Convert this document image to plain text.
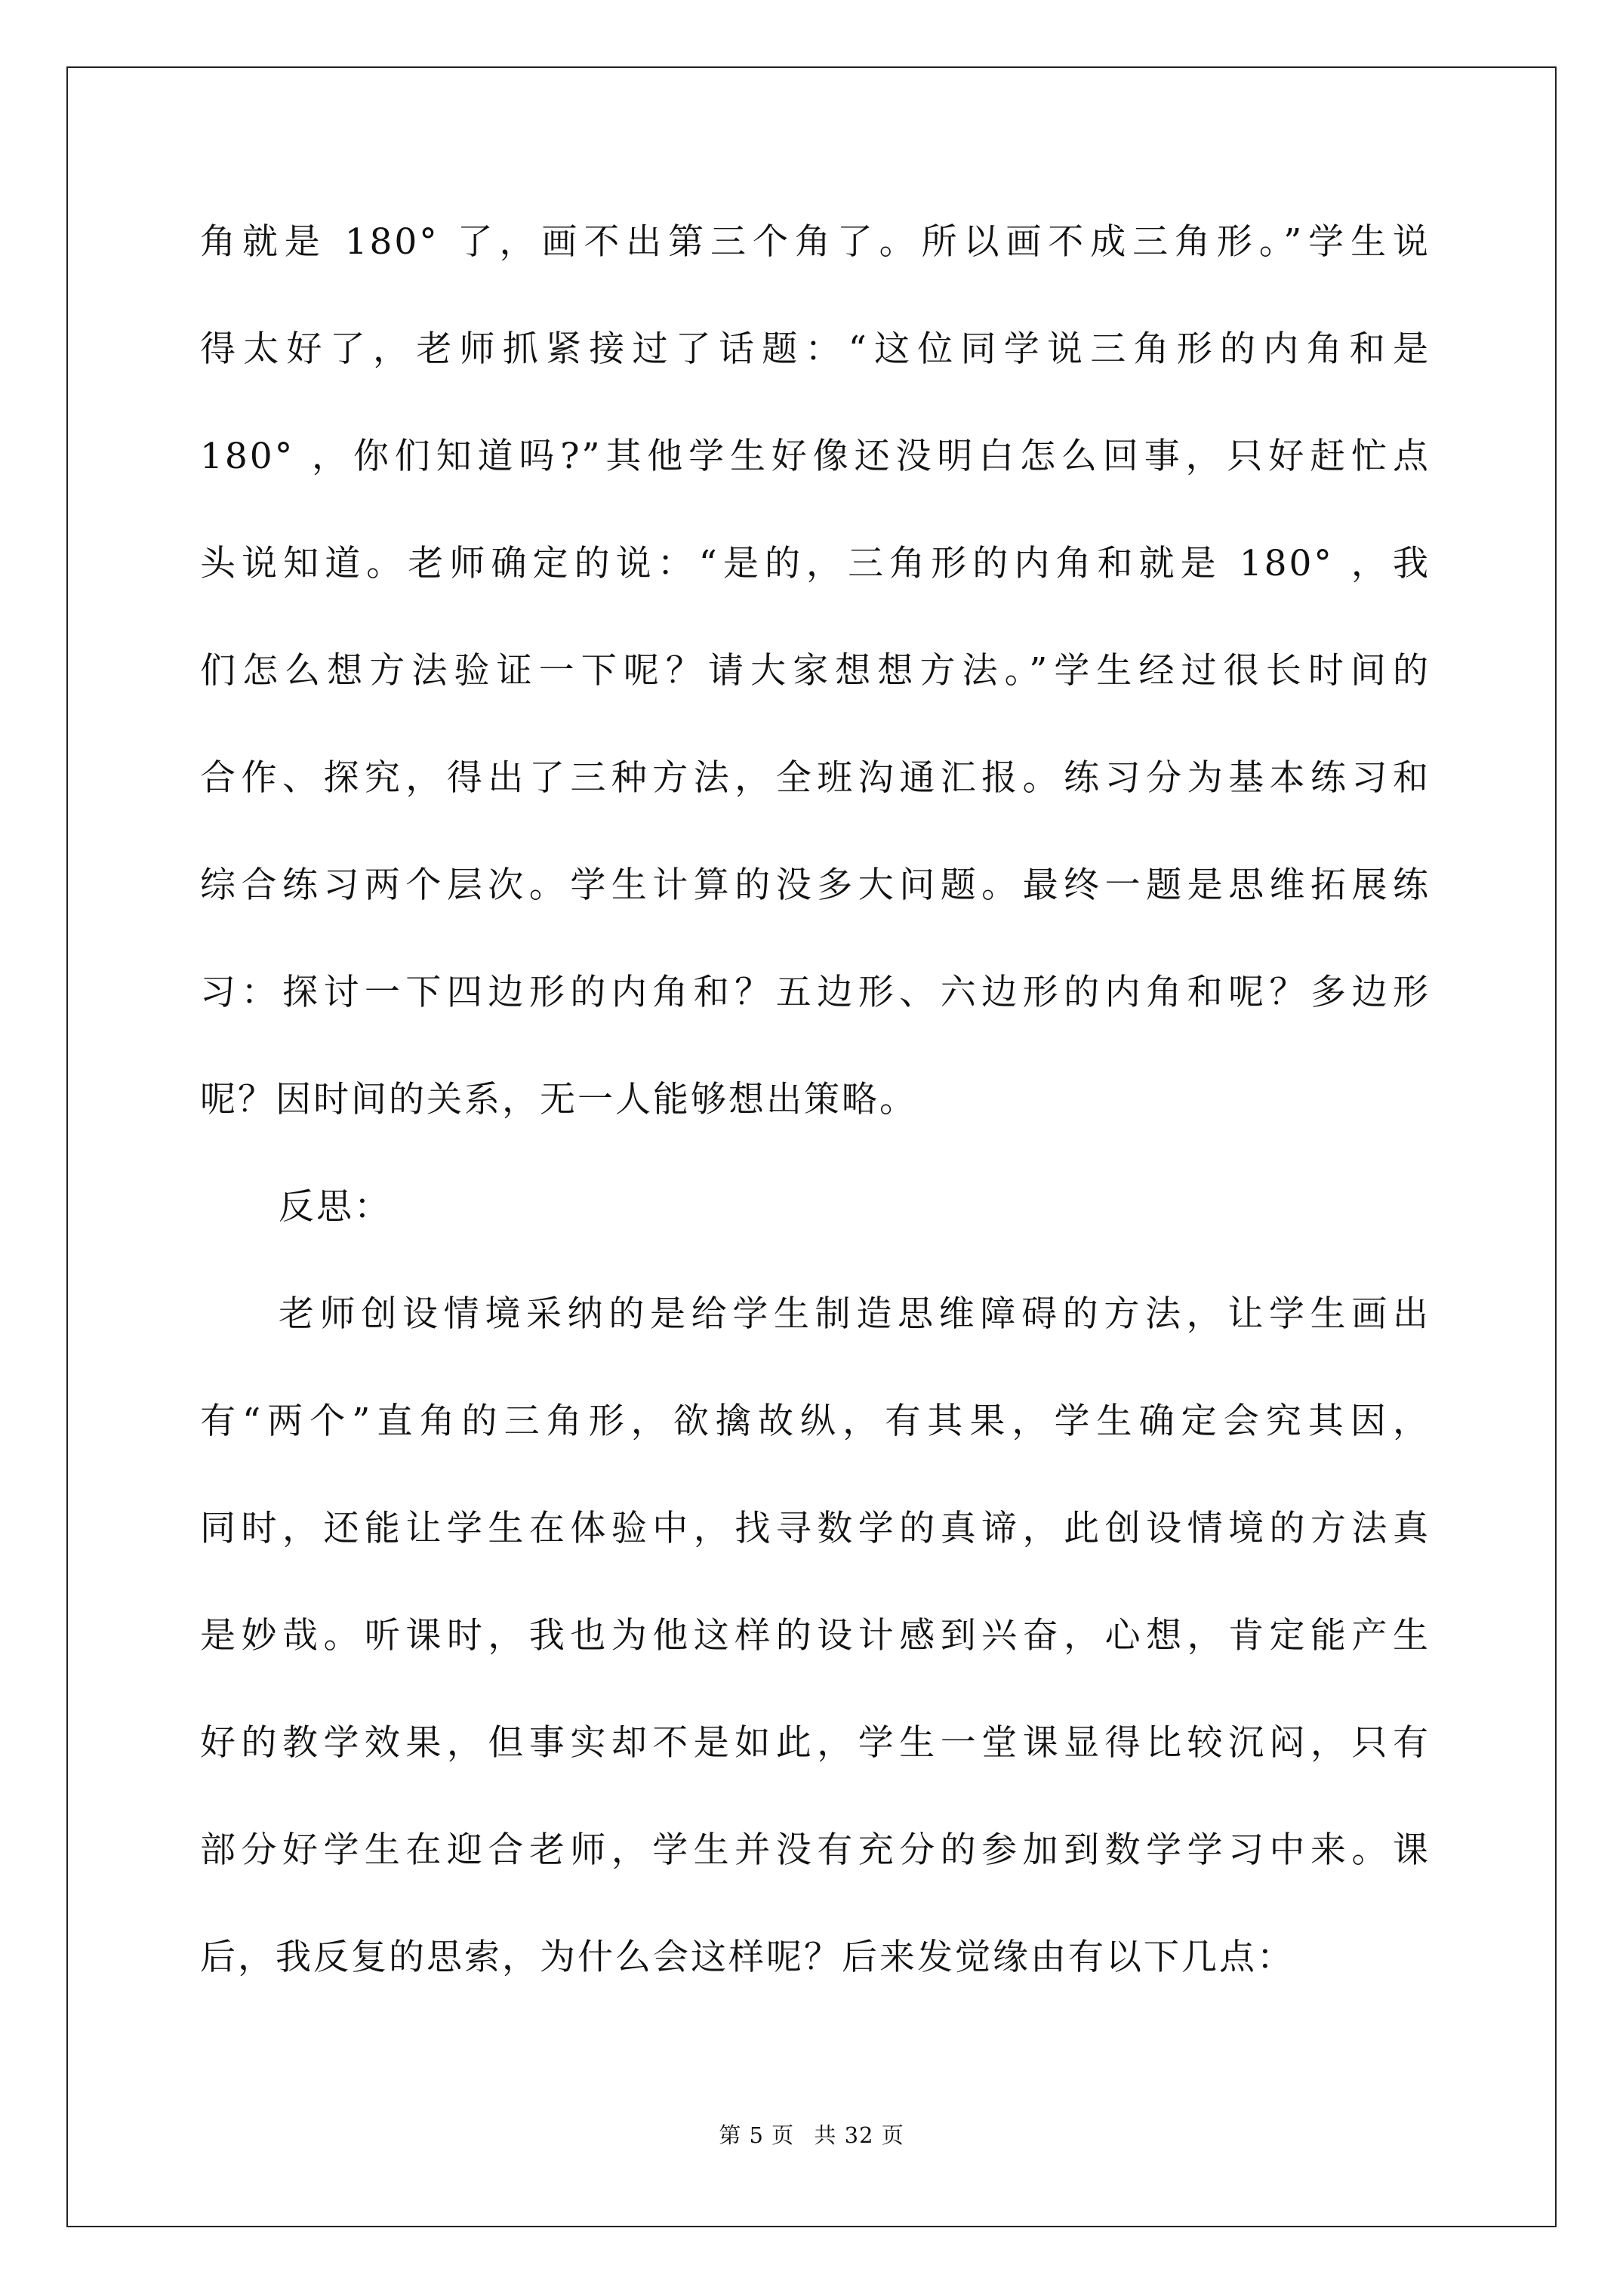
角就是 180° 了，画不出第三个角了。所以画不成三角形。”学生说
得太好了，老师抓紧接过了话题：“这位同学说三角形的内角和是
180° ，你们知道吗?”其他学生好像还没明白怎么回事，只好赶忙点
头说知道。老师确定的说：“是的，三角形的内角和就是 180° ，我
们怎么想方法验证一下呢？请大家想想方法。”学生经过很长时间的
合作、探究，得出了三种方法，全班沟通汇报。练习分为基本练习和
综合练习两个层次。学生计算的没多大问题。最终一题是思维拓展练
习：探讨一下四边形的内角和？五边形、六边形的内角和呢？多边形
呢？因时间的关系，无一人能够想出策略。
反思：
老师创设情境采纳的是给学生制造思维障碍的方法，让学生画出
有“两个”直角的三角形，欲擒故纵，有其果，学生确定会究其因，
同时，还能让学生在体验中，找寻数学的真谛，此创设情境的方法真
是妙哉。听课时，我也为他这样的设计感到兴奋，心想，肯定能产生
好的教学效果，但事实却不是如此，学生一堂课显得比较沉闷，只有
部分好学生在迎合老师，学生并没有充分的参加到数学学习中来。课
后，我反复的思索，为什么会这样呢？后来发觉缘由有以下几点：
第 5 页 共 32 页
